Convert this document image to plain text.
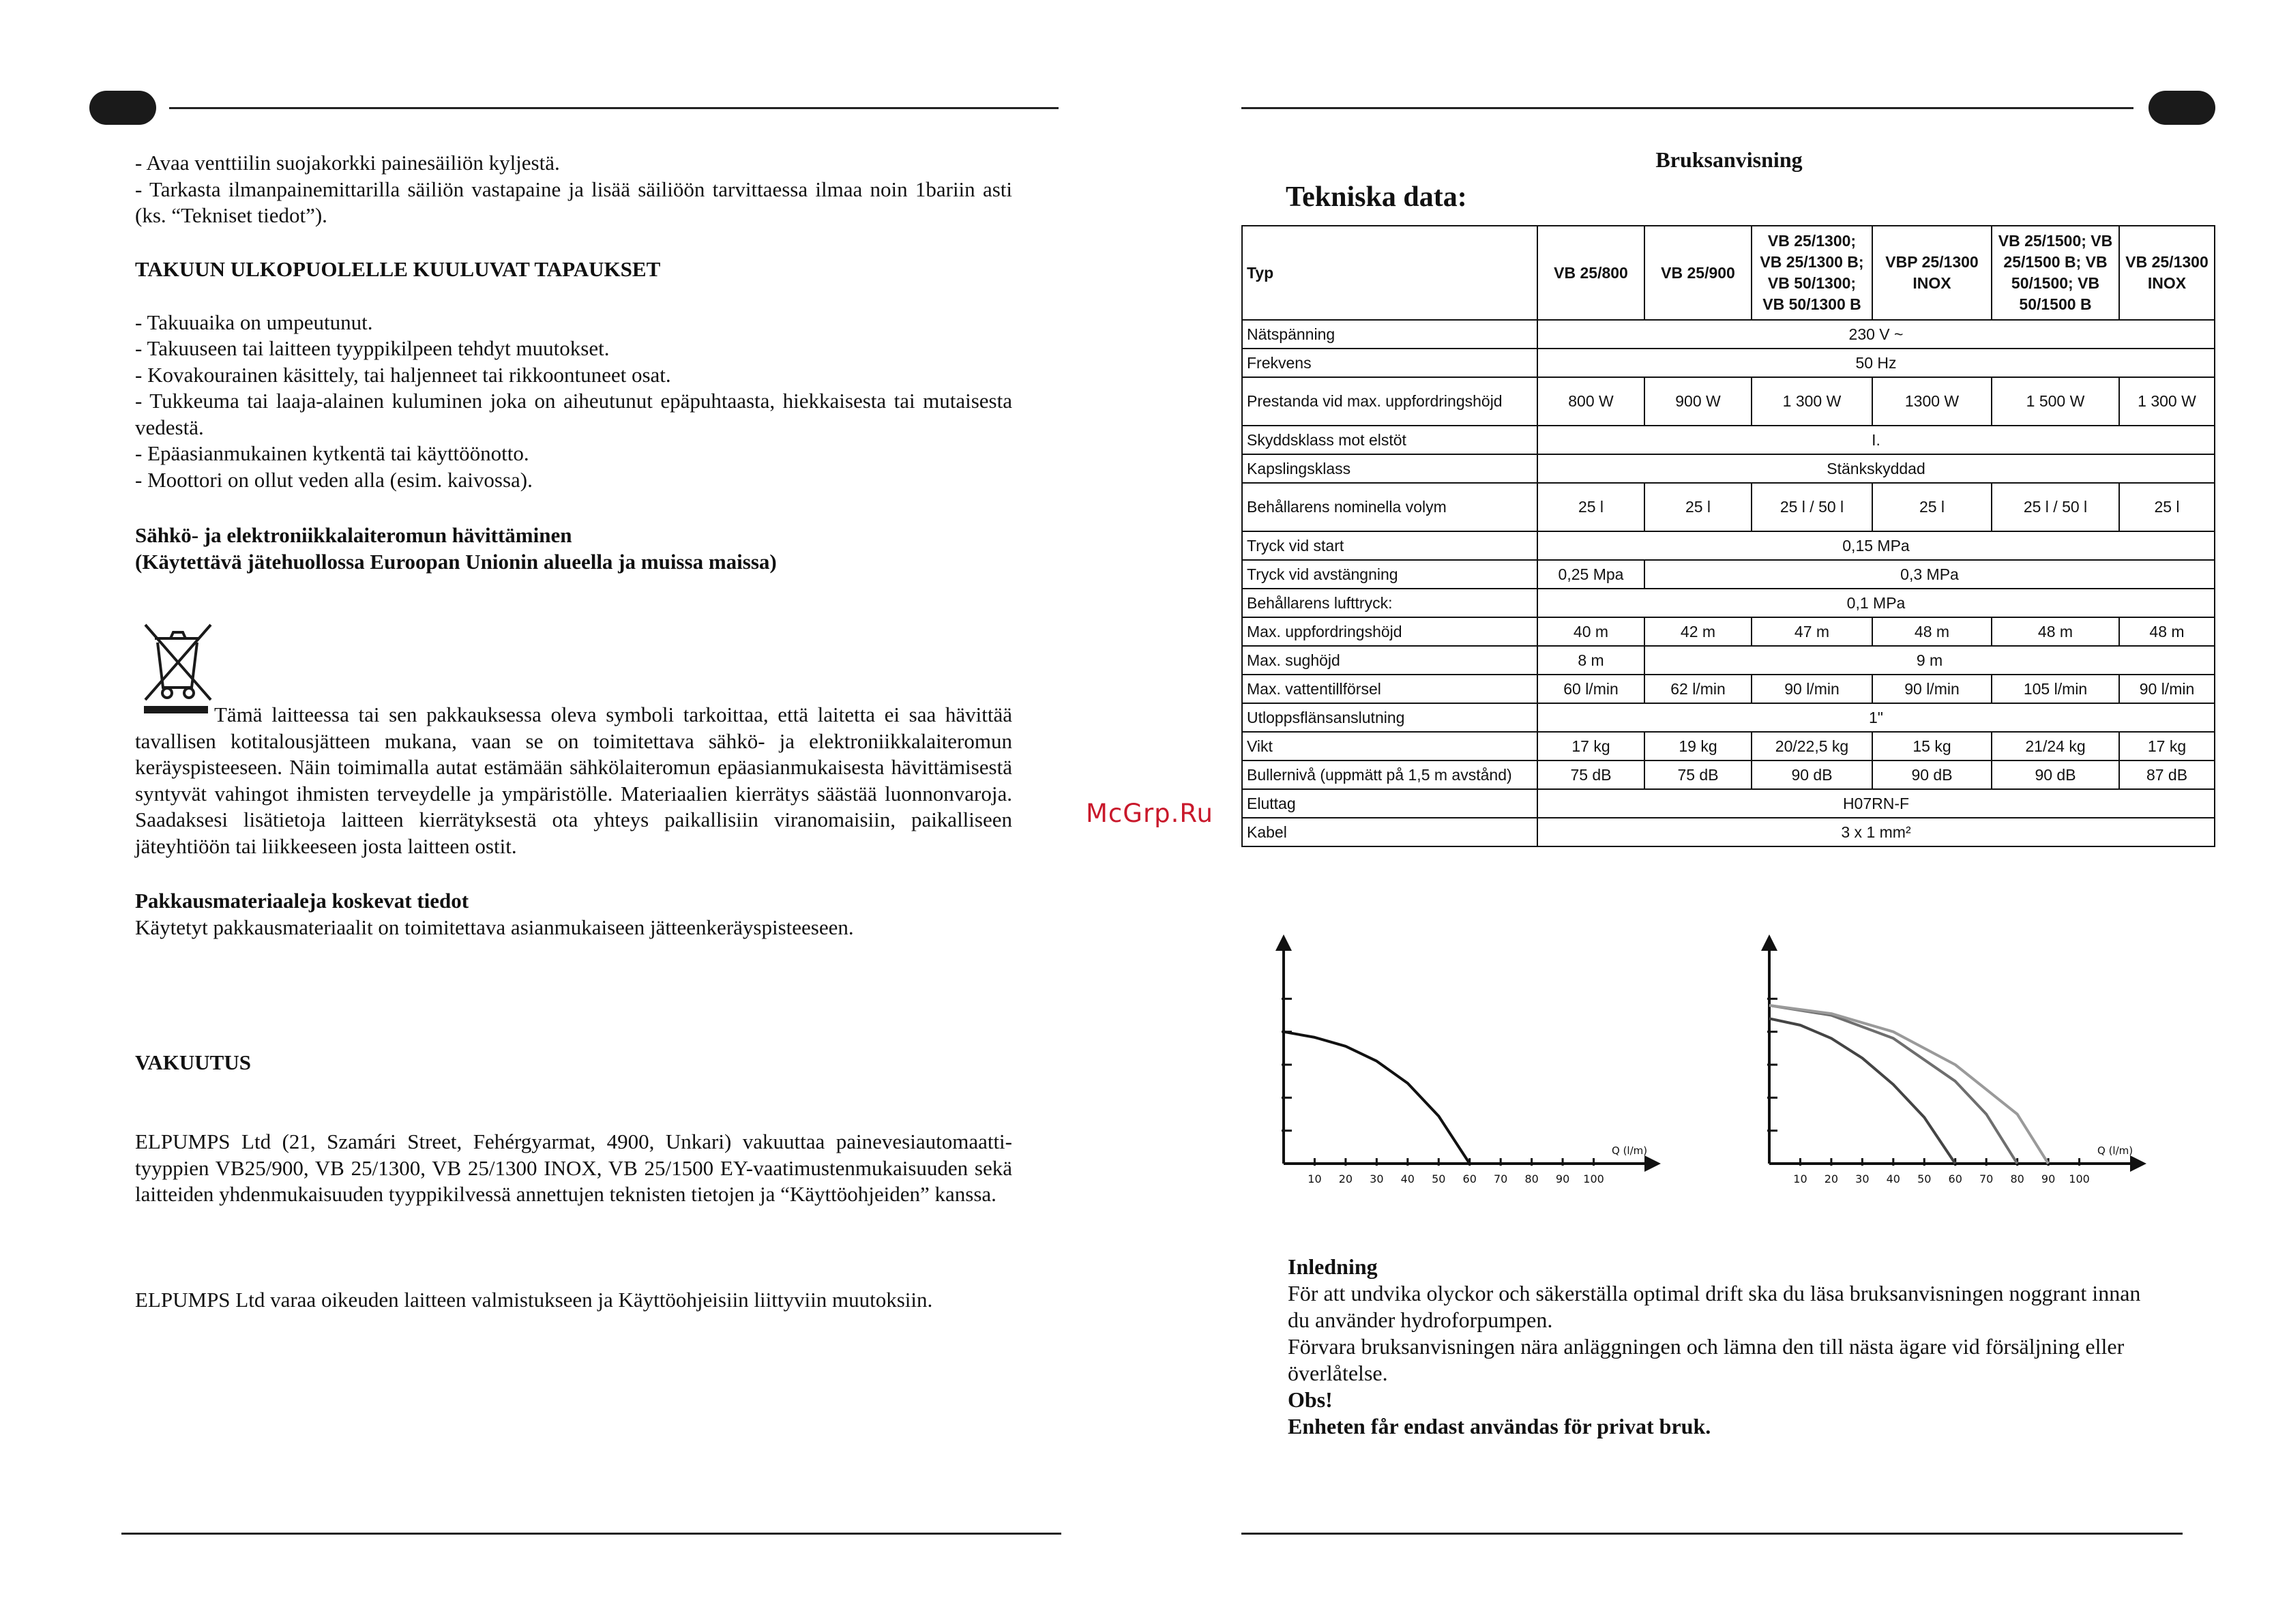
- Avaa venttiilin suojakorkki painesäiliön kyljestä.

- Tarkasta ilmanpainemittarilla säiliön vastapaine ja lisää säiliöön tarvittaessa ilmaa noin 1bariin asti (ks. “Tekniset tiedot”).

TAKUUN ULKOPUOLELLE KUULUVAT TAPAUKSET

- Takuuaika on umpeutunut.

- Takuuseen tai laitteen tyyppikilpeen tehdyt muutokset.

- Kovakourainen käsittely, tai haljenneet tai rikkoontuneet osat.

- Tukkeuma tai laaja-alainen kuluminen joka on aiheutunut epäpuhtaasta, hiekkaisesta tai mutaisesta vedestä.

- Epäasianmukainen kytkentä tai käyttöönotto.

- Moottori on ollut veden alla (esim. kaivossa).

Sähkö- ja elektroniikkalaiteromun hävittäminen

(Käytettävä jätehuollossa Euroopan Unionin alueella ja muissa maissa)

Tämä laitteessa tai sen pakkauksessa oleva symboli tarkoittaa, että laitetta ei saa hävittää tavallisen kotitalousjätteen mukana, vaan se on toimitettava sähkö- ja elektroniikkalaiteromun keräyspisteeseen. Näin toimimalla autat estämään sähkölaiteromun epäasianmukaisesta hävittämisestä syntyvät vahingot ihmisten terveydelle ja ympäristölle. Materiaalien kierrätys säästää luonnonvaroja. Saadaksesi lisätietoja laitteen kierrätyksestä ota yhteys paikallisiin viranomaisiin, paikalliseen jäteyhtiöön tai liikkeeseen josta laitteen ostit.

Pakkausmateriaaleja koskevat tiedot

Käytetyt pakkausmateriaalit on toimitettava asianmukaiseen jätteenkeräyspisteeseen.

VAKUUTUS

ELPUMPS Ltd (21, Szamári Street, Fehérgyarmat, 4900, Unkari) vakuuttaa painevesiautomaatti-tyyppien VB25/900, VB 25/1300, VB 25/1300 INOX, VB 25/1500 EY-vaatimustenmukaisuuden sekä laitteiden yhdenmukaisuuden tyyppikilvessä annettujen teknisten tietojen ja “Käyttöohjeiden” kanssa.

ELPUMPS Ltd varaa oikeuden laitteen valmistukseen ja Käyttöohjeisiin liittyviin muutoksiin.

McGrp.Ru
Bruksanvisning
Tekniska data:
Typ	VB 25/800	VB 25/900	VB 25/1300; VB 25/1300 B; VB 50/1300; VB 50/1300 B	VBP 25/1300 INOX	VB 25/1500; VB 25/1500 B; VB 50/1500; VB 50/1500 B	VB 25/1300 INOX
Nätspänning	230 V ~					
Frekvens	50 Hz					
Prestanda vid max. uppfordringshöjd	800 W	900 W	1 300 W	1300 W	1 500 W	1 300 W
Skyddsklass mot elstöt	I.					
Kapslingsklass	Stänkskyddad					
Behållarens nominella volym	25 l	25 l	25 l / 50 l	25 l	25 l / 50 l	25 l
Tryck vid start	0,15 MPa					
Tryck vid avstängning	0,25 Mpa	0,3 MPa				
Behållarens lufttryck:	0,1 MPa					
Max. uppfordringshöjd	40 m	42 m	47 m	48 m	48 m	48 m
Max. sughöjd	8 m	9 m				
Max. vattentillförsel	60 l/min	62 l/min	90 l/min	90 l/min	105 l/min	90 l/min
Utloppsflänsanslutning	1"					
Vikt	17 kg	19 kg	20/22,5 kg	15 kg	21/24 kg	17 kg
Bullernivå (uppmätt på 1,5 m avstånd)	75 dB	75 dB	90 dB	90 dB	90 dB	87 dB
Eluttag	H07RN-F					
Kabel	3 x 1 mm²					
10 20 30 40 50 60 70 80 90 100
Q (l/m)
10 20 30 40 50 60 70 80 90 100
Q (l/m)

Inledning

För att undvika olyckor och säkerställa optimal drift ska du läsa bruksanvisningen noggrant innan du använder hydroforpumpen.

Förvara bruksanvisningen nära anläggningen och lämna den till nästa ägare vid försäljning eller överlåtelse.

Obs!

Enheten får endast användas för privat bruk.
